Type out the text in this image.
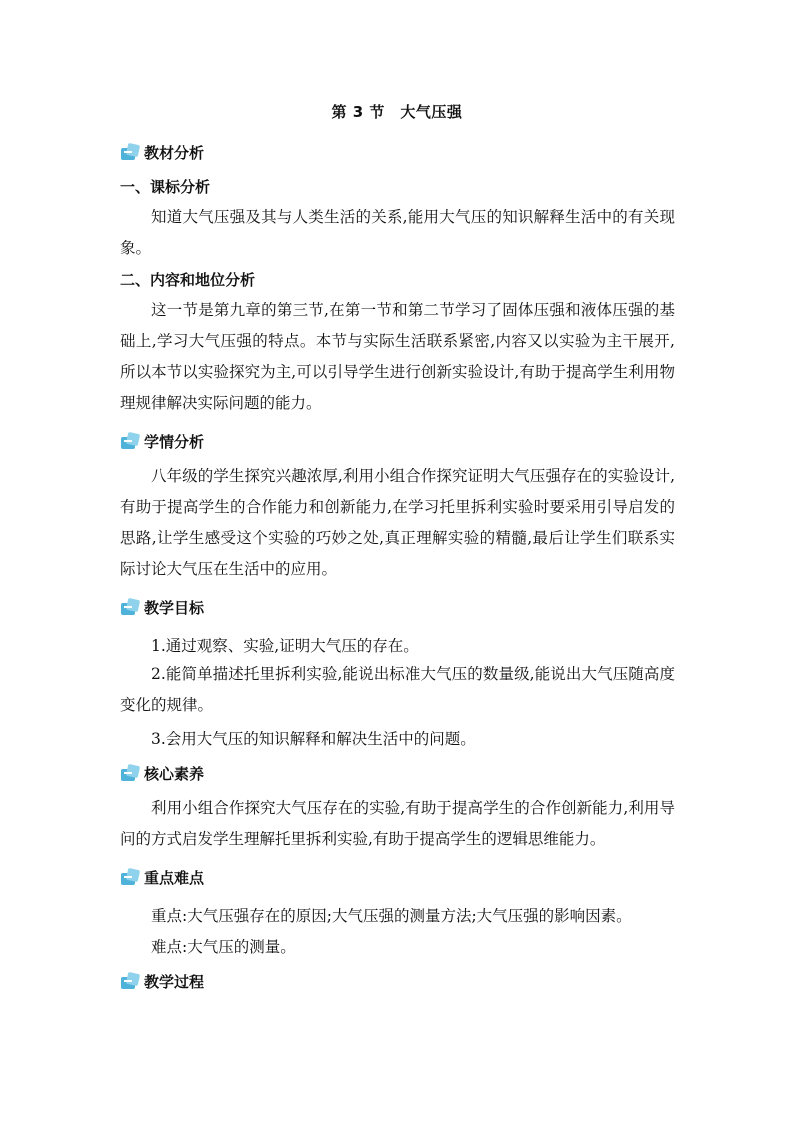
第 3 节　大气压强
教材分析
一、课标分析
知道大气压强及其与人类生活的关系,能用大气压的知识解释生活中的有关现象。
二、内容和地位分析
这一节是第九章的第三节,在第一节和第二节学习了固体压强和液体压强的基础上,学习大气压强的特点。本节与实际生活联系紧密,内容又以实验为主干展开,所以本节以实验探究为主,可以引导学生进行创新实验设计,有助于提高学生利用物理规律解决实际问题的能力。
学情分析
八年级的学生探究兴趣浓厚,利用小组合作探究证明大气压强存在的实验设计,有助于提高学生的合作能力和创新能力,在学习托里拆利实验时要采用引导启发的思路,让学生感受这个实验的巧妙之处,真正理解实验的精髓,最后让学生们联系实际讨论大气压在生活中的应用。
教学目标
1.通过观察、实验,证明大气压的存在。
2.能简单描述托里拆利实验,能说出标准大气压的数量级,能说出大气压随高度变化的规律。
3.会用大气压的知识解释和解决生活中的问题。
核心素养
利用小组合作探究大气压存在的实验,有助于提高学生的合作创新能力,利用导问的方式启发学生理解托里拆利实验,有助于提高学生的逻辑思维能力。
重点难点
重点:大气压强存在的原因;大气压强的测量方法;大气压强的影响因素。
难点:大气压的测量。
教学过程
